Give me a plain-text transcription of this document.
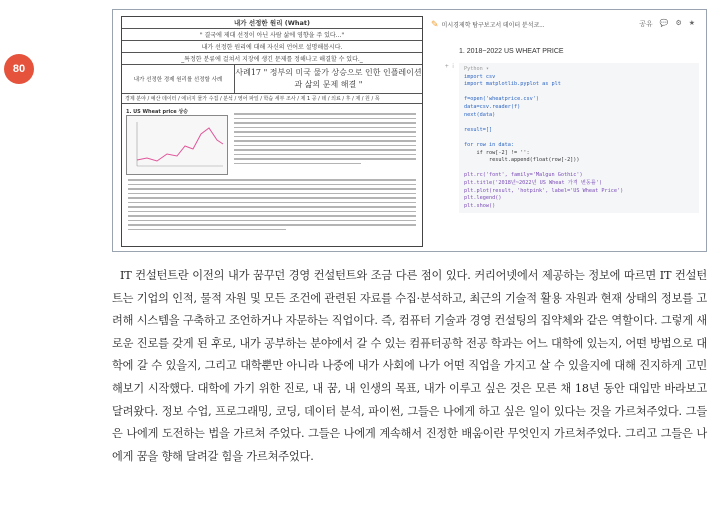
80
내가 선정한 원리 (What)
" 결국에 제대 선정이 아닌 사람 삶에 영향을 주 있다..."
내가 선정한 원리에 대해 자신의 언어로 설명해봅시다.
_특정한 분류에 걸쳐서 지장에 생긴 문제를 정해나고 해결할 수 있다._
내가 선정한 경제 원리를 선정할 사례
사례17 " 정부의 미국 물가 상승으로 인한 인플레이션과 삶의 문제 해결 "
경제 분야 / 예산 데이터 / 에너지 물가 수집 / 분석 / 영어 파일 / 학습 세부 조사 / 제 1 공 / 데 / 의료 / 후 / 제 / 원 / 목
1. US Wheat price 상승
✎ 미시경제학 탐구보고서 데이터 분석코...	공유 💬 ⚙ ★
1. 2018~2022 US WHEAT PRICE
+ ⁞	Python ▾
import csv
import matplotlib.pyplot as plt

f=open('wheatprice.csv')
data=csv.reader(f)
next(data)

result=[]

for row in data:
if row[-2] != '':
result.append(float(row[-2]))

plt.rc('font', family='Malgun Gothic')
plt.title('2018년~2022년 US Wheat 가격 변동률')
plt.plot(result, 'hotpink', label='US Wheat Price')
plt.legend()
plt.show()

IT 컨설턴트란 이전의 내가 꿈꾸던 경영 컨설턴트와 조금 다른 점이 있다. 커리어넷에서 제공하는 정보에 따르면 IT 컨설턴트는 기업의 인적, 물적 자원 및 모든 조건에 관련된 자료를 수집·분석하고, 최근의 기술적 활용 자원과 현재 상태의 정보를 고려해 시스템을 구축하고 조언하거나 자문하는 직업이다. 즉, 컴퓨터 기술과 경영 컨설팅의 집약체와 같은 역할이다. 그렇게 새로운 진로를 갖게 된 후로, 내가 공부하는 분야에서 갈 수 있는 컴퓨터공학 전공 학과는 어느 대학에 있는지, 어떤 방법으로 대학에 갈 수 있을지, 그리고 대학뿐만 아니라 나중에 내가 사회에 나가 어떤 직업을 가지고 살 수 있을지에 대해 진지하게 고민해보기 시작했다. 대학에 가기 위한 진로, 내 꿈, 내 인생의 목표, 내가 이루고 싶은 것은 모른 채 18년 동안 대입만 바라보고 달려왔다. 정보 수업, 프로그래밍, 코딩, 데이터 분석, 파이썬, 그들은 나에게 하고 싶은 일이 있다는 것을 가르쳐주었다. 그들은 나에게 도전하는 법을 가르쳐 주었다. 그들은 나에게 계속해서 진정한 배움이란 무엇인지 가르쳐주었다. 그리고 그들은 나에게 꿈을 향해 달려갈 힘을 가르쳐주었다.
